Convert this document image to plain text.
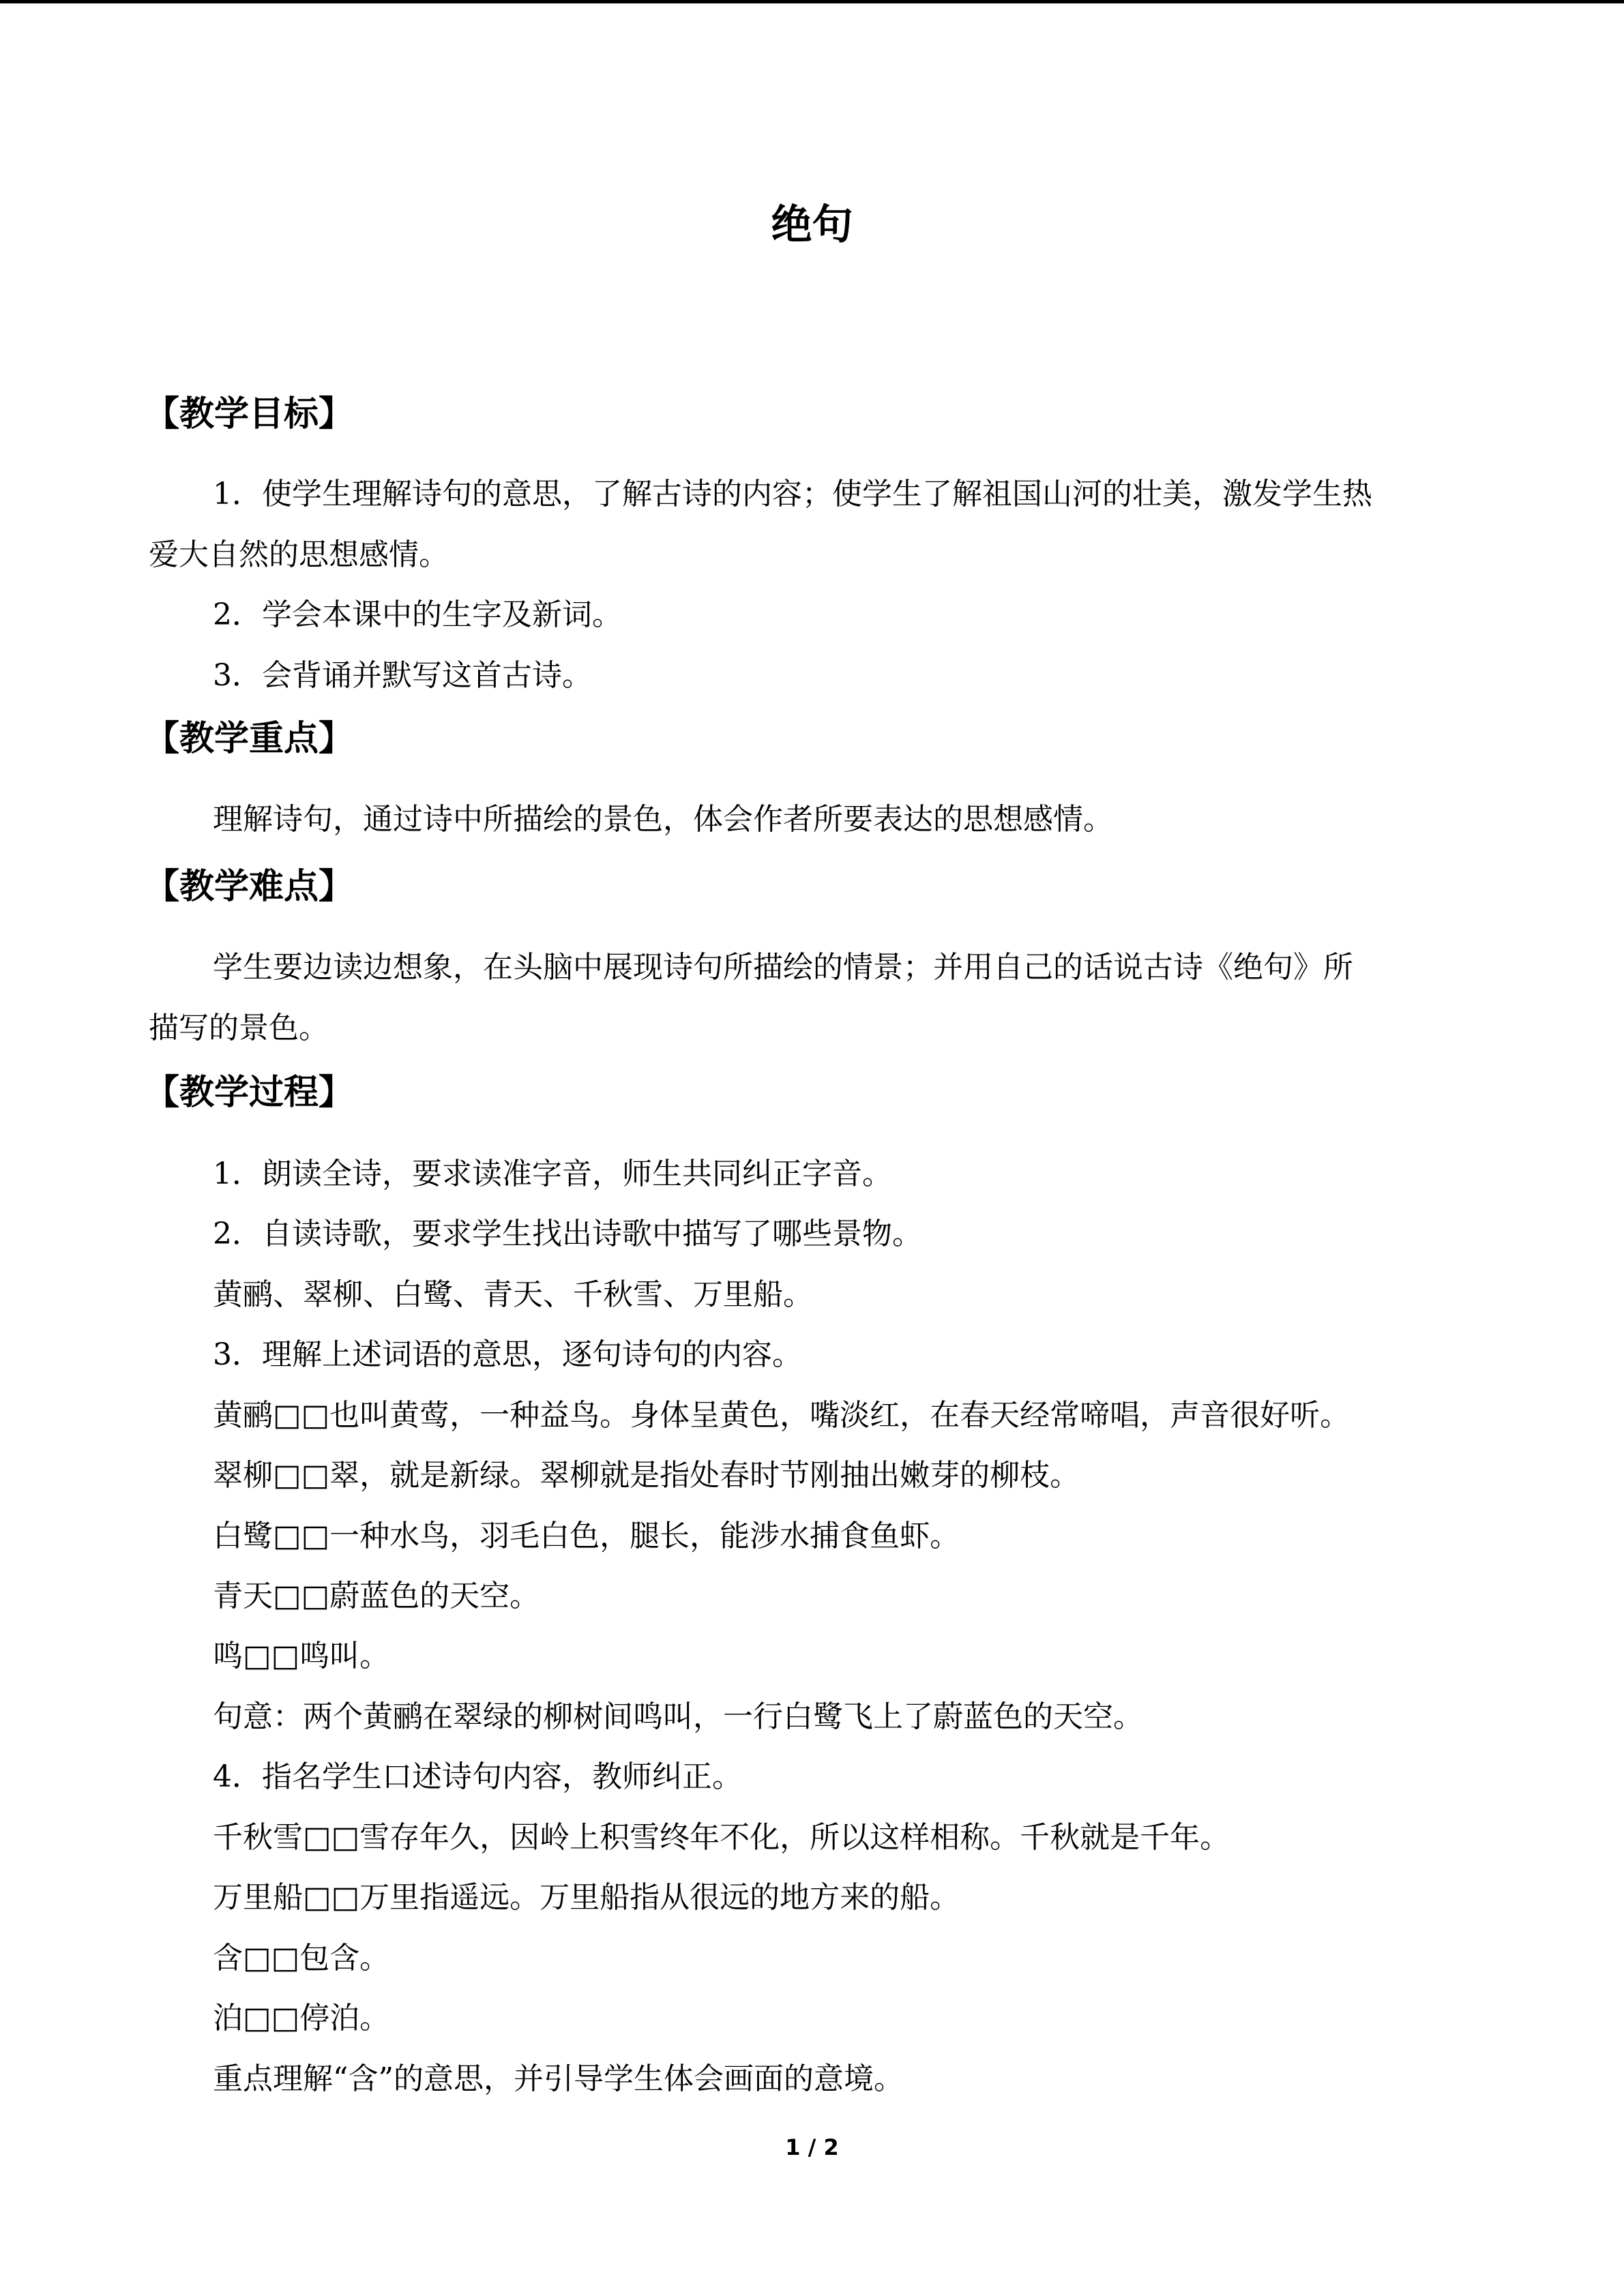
绝句
【教学目标】
1．使学生理解诗句的意思，了解古诗的内容；使学生了解祖国山河的壮美，激发学生热
爱大自然的思想感情。
2．学会本课中的生字及新词。
3．会背诵并默写这首古诗。
【教学重点】
理解诗句，通过诗中所描绘的景色，体会作者所要表达的思想感情。
【教学难点】
学生要边读边想象，在头脑中展现诗句所描绘的情景；并用自己的话说古诗《绝句》所
描写的景色。
【教学过程】
1．朗读全诗，要求读准字音，师生共同纠正字音。
2．自读诗歌，要求学生找出诗歌中描写了哪些景物。
黄鹂、翠柳、白鹭、青天、千秋雪、万里船。
3．理解上述词语的意思，逐句诗句的内容。
黄鹂□□也叫黄莺，一种益鸟。身体呈黄色，嘴淡红，在春天经常啼唱，声音很好听。
翠柳□□翠，就是新绿。翠柳就是指处春时节刚抽出嫩芽的柳枝。
白鹭□□一种水鸟，羽毛白色，腿长，能涉水捕食鱼虾。
青天□□蔚蓝色的天空。
鸣□□鸣叫。
句意：两个黄鹂在翠绿的柳树间鸣叫，一行白鹭飞上了蔚蓝色的天空。
4．指名学生口述诗句内容，教师纠正。
千秋雪□□雪存年久，因岭上积雪终年不化，所以这样相称。千秋就是千年。
万里船□□万里指遥远。万里船指从很远的地方来的船。
含□□包含。
泊□□停泊。
重点理解“含”的意思，并引导学生体会画面的意境。
1 / 2
